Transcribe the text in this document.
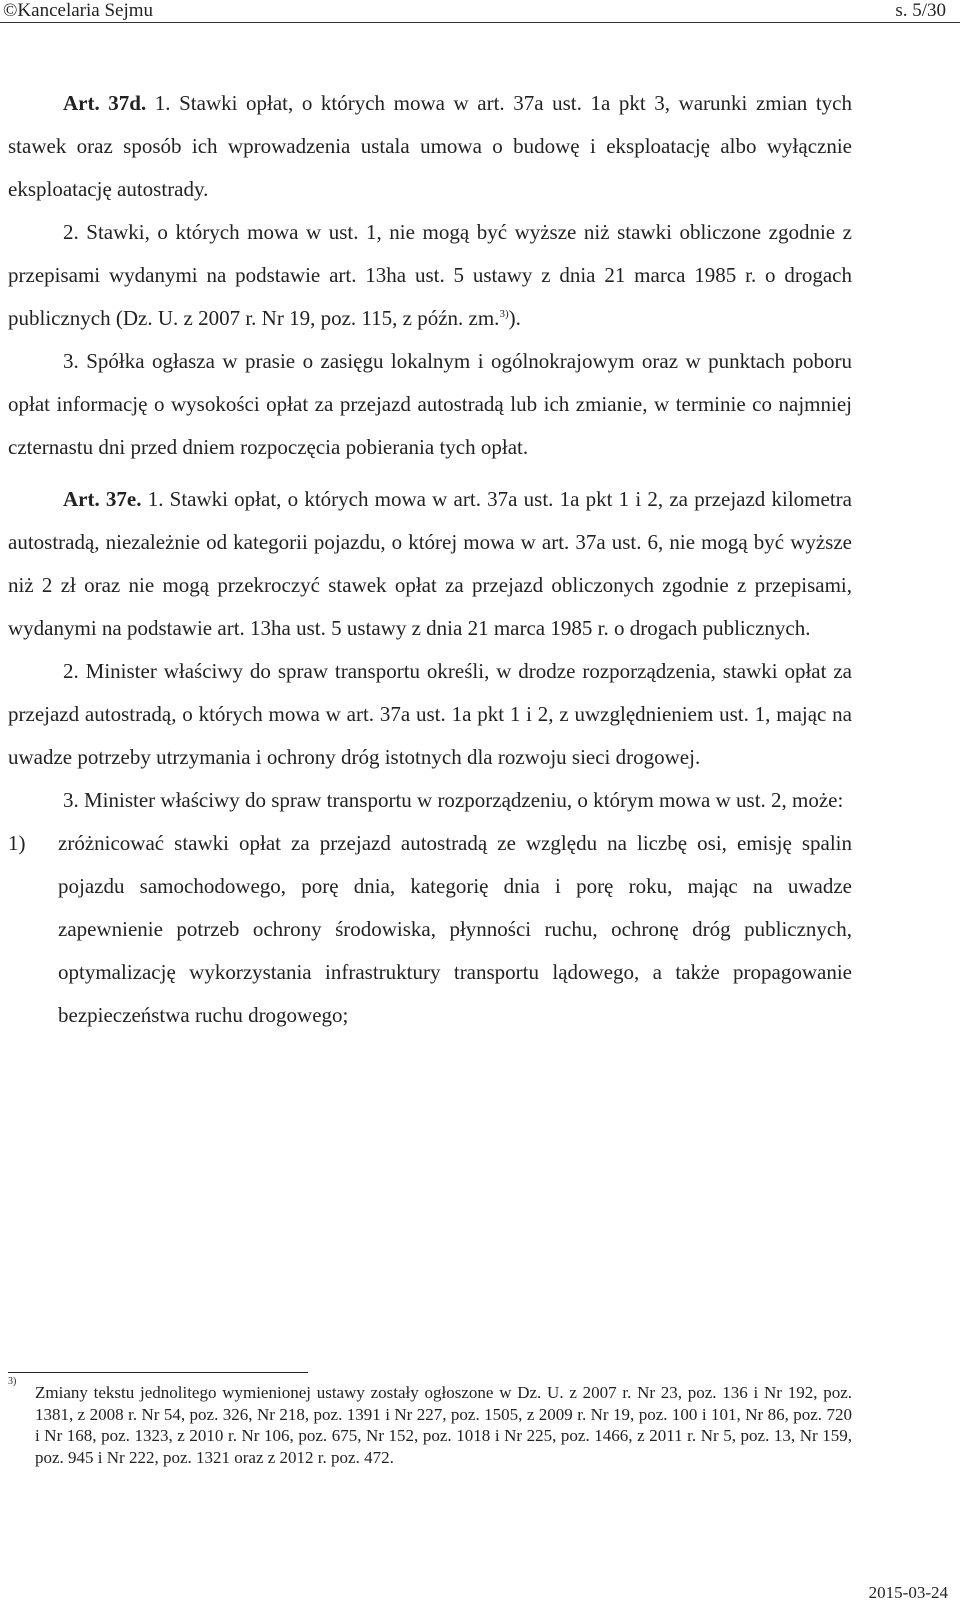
©Kancelaria Sejmu	s. 5/30

Art. 37d. 1. Stawki opłat, o których mowa w art. 37a ust. 1a pkt 3, warunki zmian tych stawek oraz sposób ich wprowadzenia ustala umowa o budowę i eksploatację albo wyłącznie eksploatację autostrady.

2. Stawki, o których mowa w ust. 1, nie mogą być wyższe niż stawki obliczone zgodnie z przepisami wydanymi na podstawie art. 13ha ust. 5 ustawy z dnia 21 marca 1985 r. o drogach publicznych (Dz. U. z 2007 r. Nr 19, poz. 115, z późn. zm.$^{3)}$).

3. Spółka ogłasza w prasie o zasięgu lokalnym i ogólnokrajowym oraz w punktach poboru opłat informację o wysokości opłat za przejazd autostradą lub ich zmianie, w terminie co najmniej czternastu dni przed dniem rozpoczęcia pobierania tych opłat.

Art. 37e. 1. Stawki opłat, o których mowa w art. 37a ust. 1a pkt 1 i 2, za przejazd kilometra autostradą, niezależnie od kategorii pojazdu, o której mowa w art. 37a ust. 6, nie mogą być wyższe niż 2 zł oraz nie mogą przekroczyć stawek opłat za przejazd obliczonych zgodnie z przepisami, wydanymi na podstawie art. 13ha ust. 5 ustawy z dnia 21 marca 1985 r. o drogach publicznych.

2. Minister właściwy do spraw transportu określi, w drodze rozporządzenia, stawki opłat za przejazd autostradą, o których mowa w art. 37a ust. 1a pkt 1 i 2, z uwzględnieniem ust. 1, mając na uwadze potrzeby utrzymania i ochrony dróg istotnych dla rozwoju sieci drogowej.

3. Minister właściwy do spraw transportu w rozporządzeniu, o którym mowa w ust. 2, może:

1)	zróżnicować stawki opłat za przejazd autostradą ze względu na liczbę osi, emisję spalin pojazdu samochodowego, porę dnia, kategorię dnia i porę roku, mając na uwadze zapewnienie potrzeb ochrony środowiska, płynności ruchu, ochronę dróg publicznych, optymalizację wykorzystania infrastruktury transportu lądowego, a także propagowanie bezpieczeństwa ruchu drogowego;
3)
Zmiany tekstu jednolitego wymienionej ustawy zostały ogłoszone w Dz. U. z 2007 r. Nr 23, poz. 136 i Nr 192, poz. 1381, z 2008 r. Nr 54, poz. 326, Nr 218, poz. 1391 i Nr 227, poz. 1505, z 2009 r. Nr 19, poz. 100 i 101, Nr 86, poz. 720 i Nr 168, poz. 1323, z 2010 r. Nr 106, poz. 675, Nr 152, poz. 1018 i Nr 225, poz. 1466, z 2011 r. Nr 5, poz. 13, Nr 159, poz. 945 i Nr 222, poz. 1321 oraz z 2012 r. poz. 472.
2015-03-24
